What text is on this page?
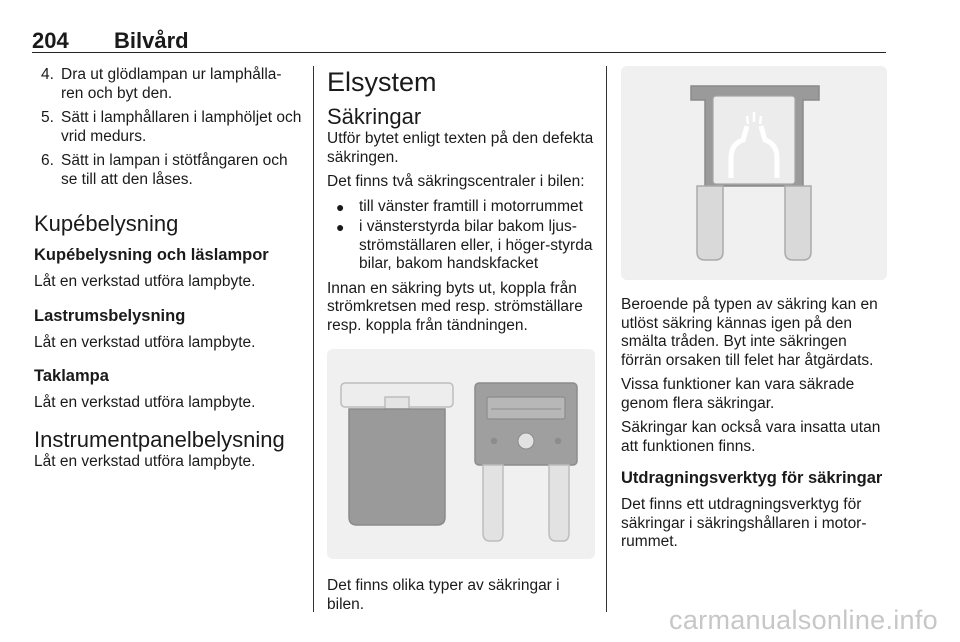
204 Bilvård
4. Dra ut glödlampan ur lamphålla-ren och byt den.
5. Sätt i lamphållaren i lamphöljet och vrid medurs.
6. Sätt in lampan i stötfångaren och se till att den låses.
Kupébelysning
Kupébelysning och läslampor

Låt en verkstad utföra lampbyte.

Lastrumsbelysning

Låt en verkstad utföra lampbyte.

Taklampa

Låt en verkstad utföra lampbyte.

Instrumentpanelbelysning

Låt en verkstad utföra lampbyte.

Elsystem
Säkringar

Utför bytet enligt texten på den defekta säkringen.

Det finns två säkringscentraler i bilen:

● till vänster framtill i motorrummet
● i vänsterstyrda bilar bakom ljus-strömställaren eller, i höger-styrda bilar, bakom handskfacket

Innan en säkring byts ut, koppla från strömkretsen med resp. strömställare resp. koppla från tändningen.

Det finns olika typer av säkringar i bilen.

Beroende på typen av säkring kan en utlöst säkring kännas igen på den smälta tråden. Byt inte säkringen förrän orsaken till felet har åtgärdats.

Vissa funktioner kan vara säkrade genom flera säkringar.

Säkringar kan också vara insatta utan att funktionen finns.

Utdragningsverktyg för säkringar

Det finns ett utdragningsverktyg för säkringar i säkringshållaren i motor-rummet.

carmanualsonline.info
